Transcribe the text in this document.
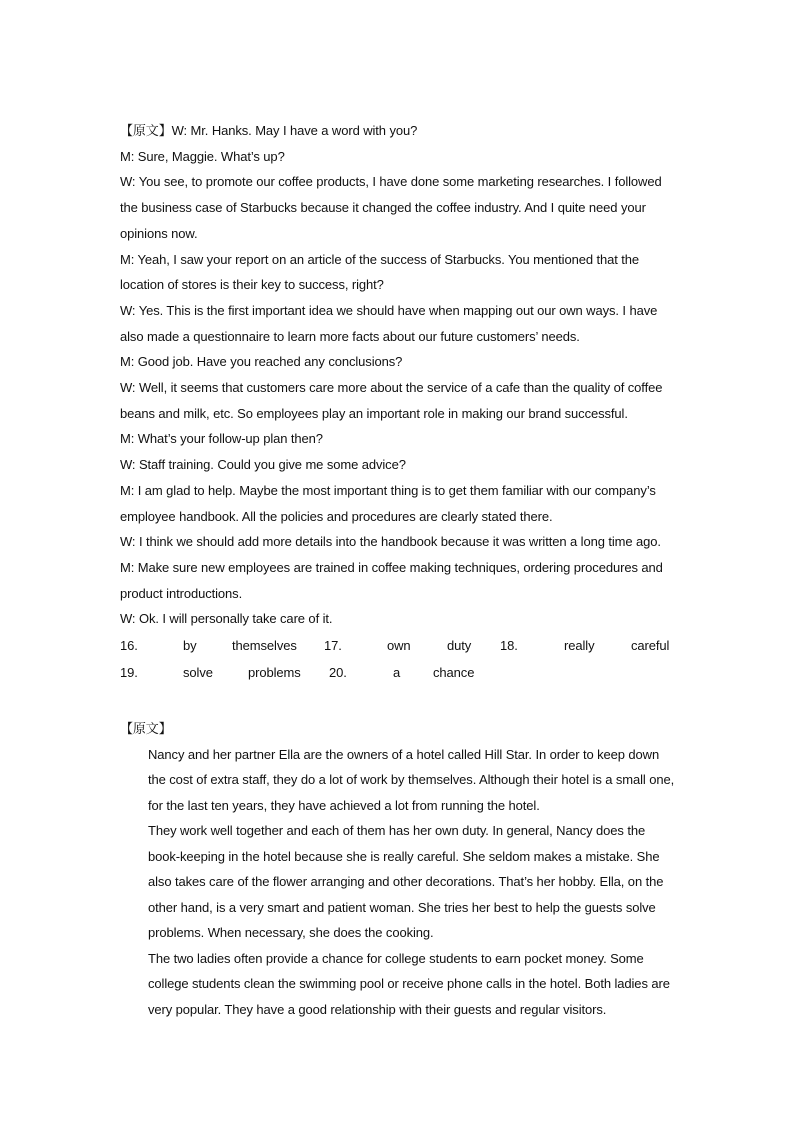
【原文】W: Mr. Hanks. May I have a word with you?
M: Sure, Maggie. What’s up?
W: You see, to promote our coffee products, I have done some marketing researches. I followed
the business case of Starbucks because it changed the coffee industry. And I quite need your
opinions now.
M: Yeah, I saw your report on an article of the success of Starbucks. You mentioned that the
location of stores is their key to success, right?
W: Yes. This is the first important idea we should have when mapping out our own ways. I have
also made a questionnaire to learn more facts about our future customers’ needs.
M: Good job. Have you reached any conclusions?
W: Well, it seems that customers care more about the service of a cafe than the quality of coffee
beans and milk, etc. So employees play an important role in making our brand successful.
M: What’s your follow-up plan then?
W: Staff training. Could you give me some advice?
M: I am glad to help. Maybe the most important thing is to get them familiar with our company’s
employee handbook. All the policies and procedures are clearly stated there.
W: I think we should add more details into the handbook because it was written a long time ago.
M: Make sure new employees are trained in coffee making techniques, ordering procedures and
product introductions.
W: Ok. I will personally take care of it.
16.	by	themselves 17.	own	duty 18.	really	careful
19.	solve	problems 20.	a	chance
【原文】
Nancy and her partner Ella are the owners of a hotel called Hill Star. In order to keep down the cost of extra staff, they do a lot of work by themselves. Although their hotel is a small one, for the last ten years, they have achieved a lot from running the hotel.
They work well together and each of them has her own duty. In general, Nancy does the book-keeping in the hotel because she is really careful. She seldom makes a mistake. She also takes care of the flower arranging and other decorations. That’s her hobby. Ella, on the other hand, is a very smart and patient woman. She tries her best to help the guests solve problems. When necessary, she does the cooking.
The two ladies often provide a chance for college students to earn pocket money. Some college students clean the swimming pool or receive phone calls in the hotel. Both ladies are very popular. They have a good relationship with their guests and regular visitors.
